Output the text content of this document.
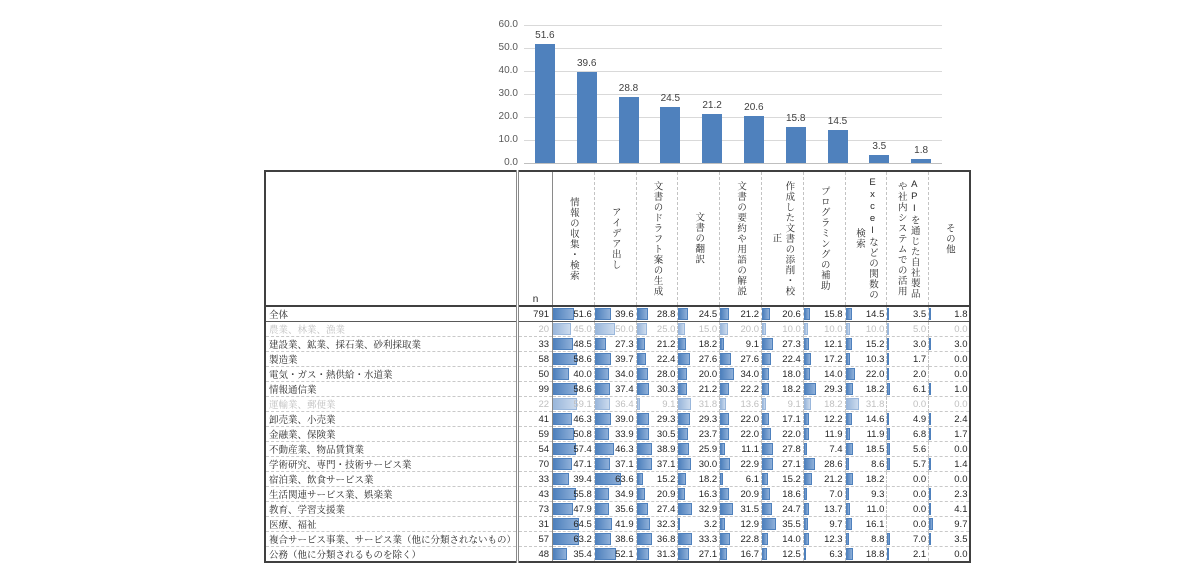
60.0
50.0
40.0
30.0
20.0
10.0
0.0
51.6
39.6
28.8
24.5
21.2	20.6
15.8	14.5
3.5	1.8
	n	情報の収集・検索	アイデア出し	文書のドラフト案の生成	文書の翻訳	文書の要約や用語の解説	作成した文書の添削・校正	プログラミングの補助	Excelなどの関数の検索	APIを通じた自社製品や社内システムでの活用	その他

全体	791	51.6	39.6	28.8	24.5	21.2	20.6	15.8	14.5	3.5	1.8

農業、林業、漁業	20	45.0	50.0	25.0	15.0	20.0	10.0	10.0	10.0	5.0	0.0

建設業、鉱業、採石業、砂利採取業	33	48.5	27.3	21.2	18.2	9.1	27.3	12.1	15.2	3.0	3.0

製造業	58	58.6	39.7	22.4	27.6	27.6	22.4	17.2	10.3	1.7	0.0

電気・ガス・熱供給・水道業	50	40.0	34.0	28.0	20.0	34.0	18.0	14.0	22.0	2.0	0.0

情報通信業	99	58.6	37.4	30.3	21.2	22.2	18.2	29.3	18.2	6.1	1.0

運輸業、郵便業	22	59.1	36.4	9.1	31.8	13.6	9.1	18.2	31.8	0.0	0.0

卸売業、小売業	41	46.3	39.0	29.3	29.3	22.0	17.1	12.2	14.6	4.9	2.4

金融業、保険業	59	50.8	33.9	30.5	23.7	22.0	22.0	11.9	11.9	6.8	1.7

不動産業、物品賃貸業	54	57.4	46.3	38.9	25.9	11.1	27.8	7.4	18.5	5.6	0.0

学術研究、専門・技術サービス業	70	47.1	37.1	37.1	30.0	22.9	27.1	28.6	8.6	5.7	1.4

宿泊業、飲食サービス業	33	39.4	63.6	15.2	18.2	6.1	15.2	21.2	18.2	0.0	0.0

生活関連サービス業、娯楽業	43	55.8	34.9	20.9	16.3	20.9	18.6	7.0	9.3	0.0	2.3

教育、学習支援業	73	47.9	35.6	27.4	32.9	31.5	24.7	13.7	11.0	0.0	4.1

医療、福祉	31	64.5	41.9	32.3	3.2	12.9	35.5	9.7	16.1	0.0	9.7

複合サービス事業、サービス業（他に分類されないもの）	57	63.2	38.6	36.8	33.3	22.8	14.0	12.3	8.8	7.0	3.5

公務（他に分類されるものを除く）	48	35.4	52.1	31.3	27.1	16.7	12.5	6.3	18.8	2.1	0.0
